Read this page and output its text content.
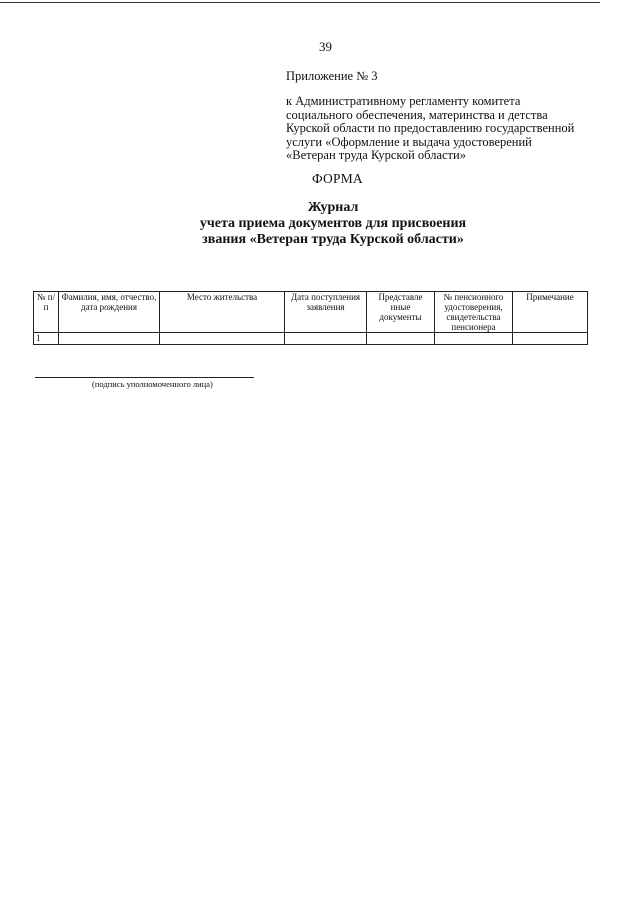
39
Приложение № 3
к Административному регламенту комитета
социального обеспечения, материнства и детства
Курской области по предоставлению государственной
услуги «Оформление и выдача удостоверений
«Ветеран труда Курской области»
ФОРМА
Журнал
учета приема документов для присвоения
звания «Ветеран труда Курской области»
№ п/п	Фамилия, имя, отчество, дата рождения	Место жительства	Дата поступления заявления	Представле нные документы	№ пенсионного удостоверения, свидетельства пенсионера	Примечание
1						
(подпись уполномоченного лица)
